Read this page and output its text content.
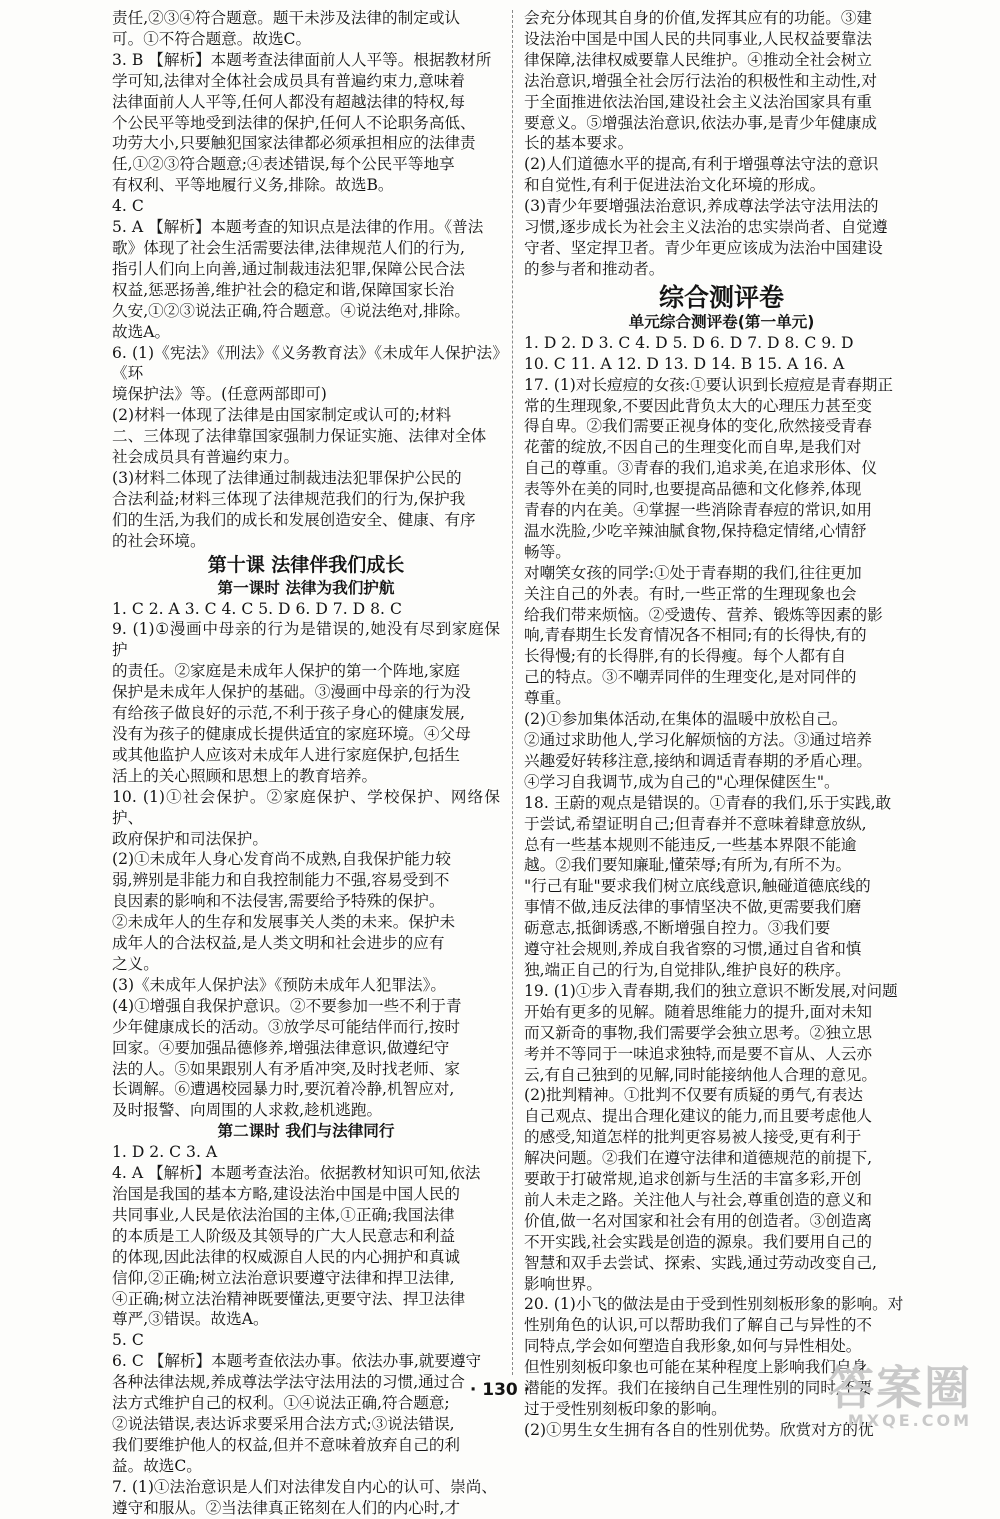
责任,②③④符合题意。题干未涉及法律的制定或认
可。①不符合题意。故选C。
3. B 【解析】本题考查法律面前人人平等。根据教材所
学可知,法律对全体社会成员具有普遍约束力,意味着
法律面前人人平等,任何人都没有超越法律的特权,每
个公民平等地受到法律的保护,任何人不论职务高低、
功劳大小,只要触犯国家法律都必须承担相应的法律责
任,①②③符合题意;④表述错误,每个公民平等地享
有权利、平等地履行义务,排除。故选B。
4. C
5. A 【解析】本题考查的知识点是法律的作用。《普法
歌》体现了社会生活需要法律,法律规范人们的行为,
指引人们向上向善,通过制裁违法犯罪,保障公民合法
权益,惩恶扬善,维护社会的稳定和谐,保障国家长治
久安,①②③说法正确,符合题意。④说法绝对,排除。
故选A。
6. (1)《宪法》《刑法》《义务教育法》《未成年人保护法》《环
境保护法》等。(任意两部即可)
(2)材料一体现了法律是由国家制定或认可的;材料
二、三体现了法律靠国家强制力保证实施、法律对全体
社会成员具有普遍约束力。
(3)材料二体现了法律通过制裁违法犯罪保护公民的
合法利益;材料三体现了法律规范我们的行为,保护我
们的生活,为我们的成长和发展创造安全、健康、有序
的社会环境。

第十课 法律伴我们成长
第一课时 法律为我们护航

1. C 2. A 3. C 4. C 5. D 6. D 7. D 8. C
9. (1)①漫画中母亲的行为是错误的,她没有尽到家庭保护
的责任。②家庭是未成年人保护的第一个阵地,家庭
保护是未成年人保护的基础。③漫画中母亲的行为没
有给孩子做良好的示范,不利于孩子身心的健康发展,
没有为孩子的健康成长提供适宜的家庭环境。④父母
或其他监护人应该对未成年人进行家庭保护,包括生
活上的关心照顾和思想上的教育培养。
10. (1)①社会保护。②家庭保护、学校保护、网络保护、
政府保护和司法保护。
(2)①未成年人身心发育尚不成熟,自我保护能力较
弱,辨别是非能力和自我控制能力不强,容易受到不
良因素的影响和不法侵害,需要给予特殊的保护。
②未成年人的生存和发展事关人类的未来。保护未
成年人的合法权益,是人类文明和社会进步的应有
之义。
(3)《未成年人保护法》《预防未成年人犯罪法》。
(4)①增强自我保护意识。②不要参加一些不利于青
少年健康成长的活动。③放学尽可能结伴而行,按时
回家。④要加强品德修养,增强法律意识,做遵纪守
法的人。⑤如果跟别人有矛盾冲突,及时找老师、家
长调解。⑥遭遇校园暴力时,要沉着冷静,机智应对,
及时报警、向周围的人求救,趁机逃跑。

第二课时 我们与法律同行

1. D 2. C 3. A
4. A 【解析】本题考查法治。依据教材知识可知,依法
治国是我国的基本方略,建设法治中国是中国人民的
共同事业,人民是依法治国的主体,①正确;我国法律
的本质是工人阶级及其领导的广大人民意志和利益
的体现,因此法律的权威源自人民的内心拥护和真诚
信仰,②正确;树立法治意识要遵守法律和捍卫法律,
④正确;树立法治精神既要懂法,更要守法、捍卫法律
尊严,③错误。故选A。
5. C
6. C 【解析】本题考查依法办事。依法办事,就要遵守
各种法律法规,养成尊法学法守法用法的习惯,通过合
法方式维护自己的权利。①④说法正确,符合题意;
②说法错误,表达诉求要采用合法方式;③说法错误,
我们要维护他人的权益,但并不意味着放弃自己的利
益。故选C。
7. (1)①法治意识是人们对法律发自内心的认可、崇尚、
遵守和服从。②当法律真正铭刻在人们的内心时,才

会充分体现其自身的价值,发挥其应有的功能。③建
设法治中国是中国人民的共同事业,人民权益要靠法
律保障,法律权威要靠人民维护。④推动全社会树立
法治意识,增强全社会厉行法治的积极性和主动性,对
于全面推进依法治国,建设社会主义法治国家具有重
要意义。⑤增强法治意识,依法办事,是青少年健康成
长的基本要求。
(2)人们道德水平的提高,有利于增强尊法守法的意识
和自觉性,有利于促进法治文化环境的形成。
(3)青少年要增强法治意识,养成尊法学法守法用法的
习惯,逐步成长为社会主义法治的忠实崇尚者、自觉遵
守者、坚定捍卫者。青少年更应该成为法治中国建设
的参与者和推动者。

综合测评卷
单元综合测评卷(第一单元)

1. D 2. D 3. C 4. D 5. D 6. D 7. D 8. C 9. D
10. C 11. A 12. D 13. D 14. B 15. A 16. A
17. (1)对长痘痘的女孩:①要认识到长痘痘是青春期正
常的生理现象,不要因此背负太大的心理压力甚至变
得自卑。②我们需要正视身体的变化,欣然接受青春
花蕾的绽放,不因自己的生理变化而自卑,是我们对
自己的尊重。③青春的我们,追求美,在追求形体、仪
表等外在美的同时,也要提高品德和文化修养,体现
青春的内在美。④掌握一些消除青春痘的常识,如用
温水洗脸,少吃辛辣油腻食物,保持稳定情绪,心情舒
畅等。
对嘲笑女孩的同学:①处于青春期的我们,往往更加
关注自己的外表。有时,一些正常的生理现象也会
给我们带来烦恼。②受遗传、营养、锻炼等因素的影
响,青春期生长发育情况各不相同;有的长得快,有的
长得慢;有的长得胖,有的长得瘦。每个人都有自
己的特点。③不嘲弄同伴的生理变化,是对同伴的
尊重。
(2)①参加集体活动,在集体的温暖中放松自己。
②通过求助他人,学习化解烦恼的方法。③通过培养
兴趣爱好转移注意,接纳和调适青春期的矛盾心理。
④学习自我调节,成为自己的"心理保健医生"。
18. 王蔚的观点是错误的。①青春的我们,乐于实践,敢
于尝试,希望证明自己;但青春并不意味着肆意放纵,
总有一些基本规则不能违反,一些基本界限不能逾
越。②我们要知廉耻,懂荣辱;有所为,有所不为。
"行己有耻"要求我们树立底线意识,触碰道德底线的
事情不做,违反法律的事情坚决不做,更需要我们磨
砺意志,抵御诱惑,不断增强自控力。③我们要
遵守社会规则,养成自我省察的习惯,通过自省和慎
独,端正自己的行为,自觉排队,维护良好的秩序。
19. (1)①步入青春期,我们的独立意识不断发展,对问题
开始有更多的见解。随着思维能力的提升,面对未知
而又新奇的事物,我们需要学会独立思考。②独立思
考并不等同于一味追求独特,而是要不盲从、人云亦
云,有自己独到的见解,同时能接纳他人合理的意见。
(2)批判精神。①批判不仅要有质疑的勇气,有表达
自己观点、提出合理化建议的能力,而且要考虑他人
的感受,知道怎样的批判更容易被人接受,更有利于
解决问题。②我们在遵守法律和道德规范的前提下,
要敢于打破常规,追求创新与生活的丰富多彩,开创
前人未走之路。关注他人与社会,尊重创造的意义和
价值,做一名对国家和社会有用的创造者。③创造离
不开实践,社会实践是创造的源泉。我们要用自己的
智慧和双手去尝试、探索、实践,通过劳动改变自己,
影响世界。
20. (1)小飞的做法是由于受到性别刻板形象的影响。对
性别角色的认识,可以帮助我们了解自己与异性的不
同特点,学会如何塑造自我形象,如何与异性相处。
但性别刻板印象也可能在某种程度上影响我们自身
潜能的发挥。我们在接纳自己生理性别的同时,不要
过于受性别刻板印象的影响。
(2)①男生女生拥有各自的性别优势。欣赏对方的优

· 130 ·	答案圈
MXQE.COM
